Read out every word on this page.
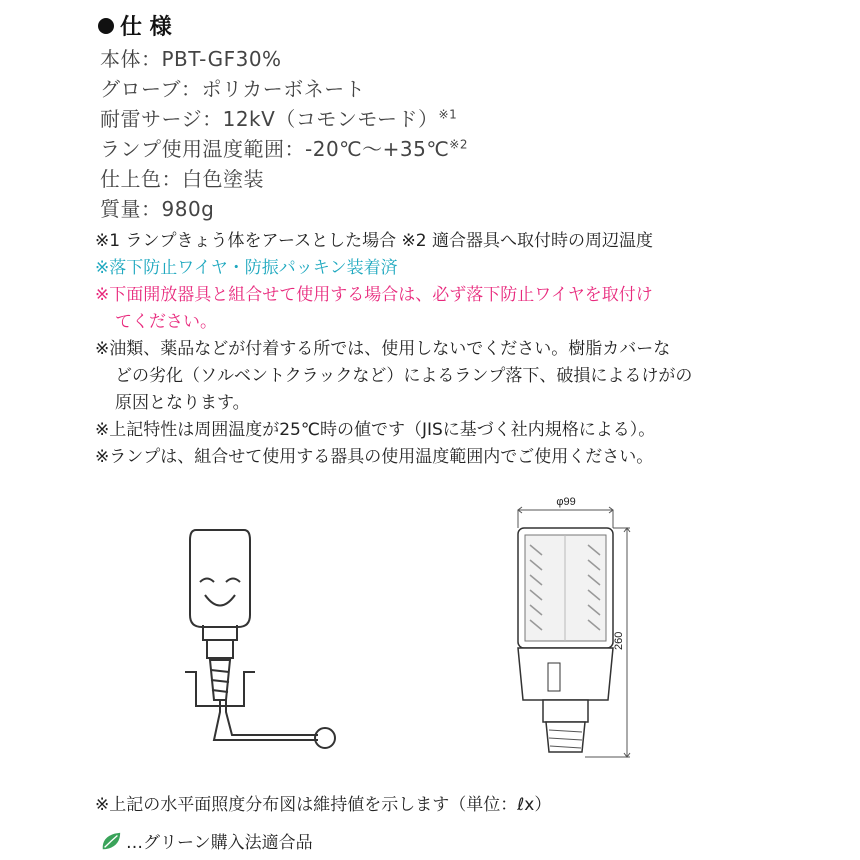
仕 様
本体：PBT-GF30%
グローブ：ポリカーボネート
耐雷サージ：12kV（コモンモード）$^{※1}$
ランプ使用温度範囲：-20℃～+35℃$^{※2}$
仕上色：白色塗装
質量：980g
※1 ランプきょう体をアースとした場合 ※2 適合器具へ取付時の周辺温度
※落下防止ワイヤ・防振パッキン装着済
※下面開放器具と組合せて使用する場合は、必ず落下防止ワイヤを取付け
てください。
※油類、薬品などが付着する所では、使用しないでください。樹脂カバーな
どの劣化（ソルベントクラックなど）によるランプ落下、破損によるけがの
原因となります。
※上記特性は周囲温度が25℃時の値です（JISに基づく社内規格による）。
※ランプは、組合せて使用する器具の使用温度範囲内でご使用ください。
φ99
260
※上記の水平面照度分布図は維持値を示します（単位：ℓx）
…グリーン購入法適合品
